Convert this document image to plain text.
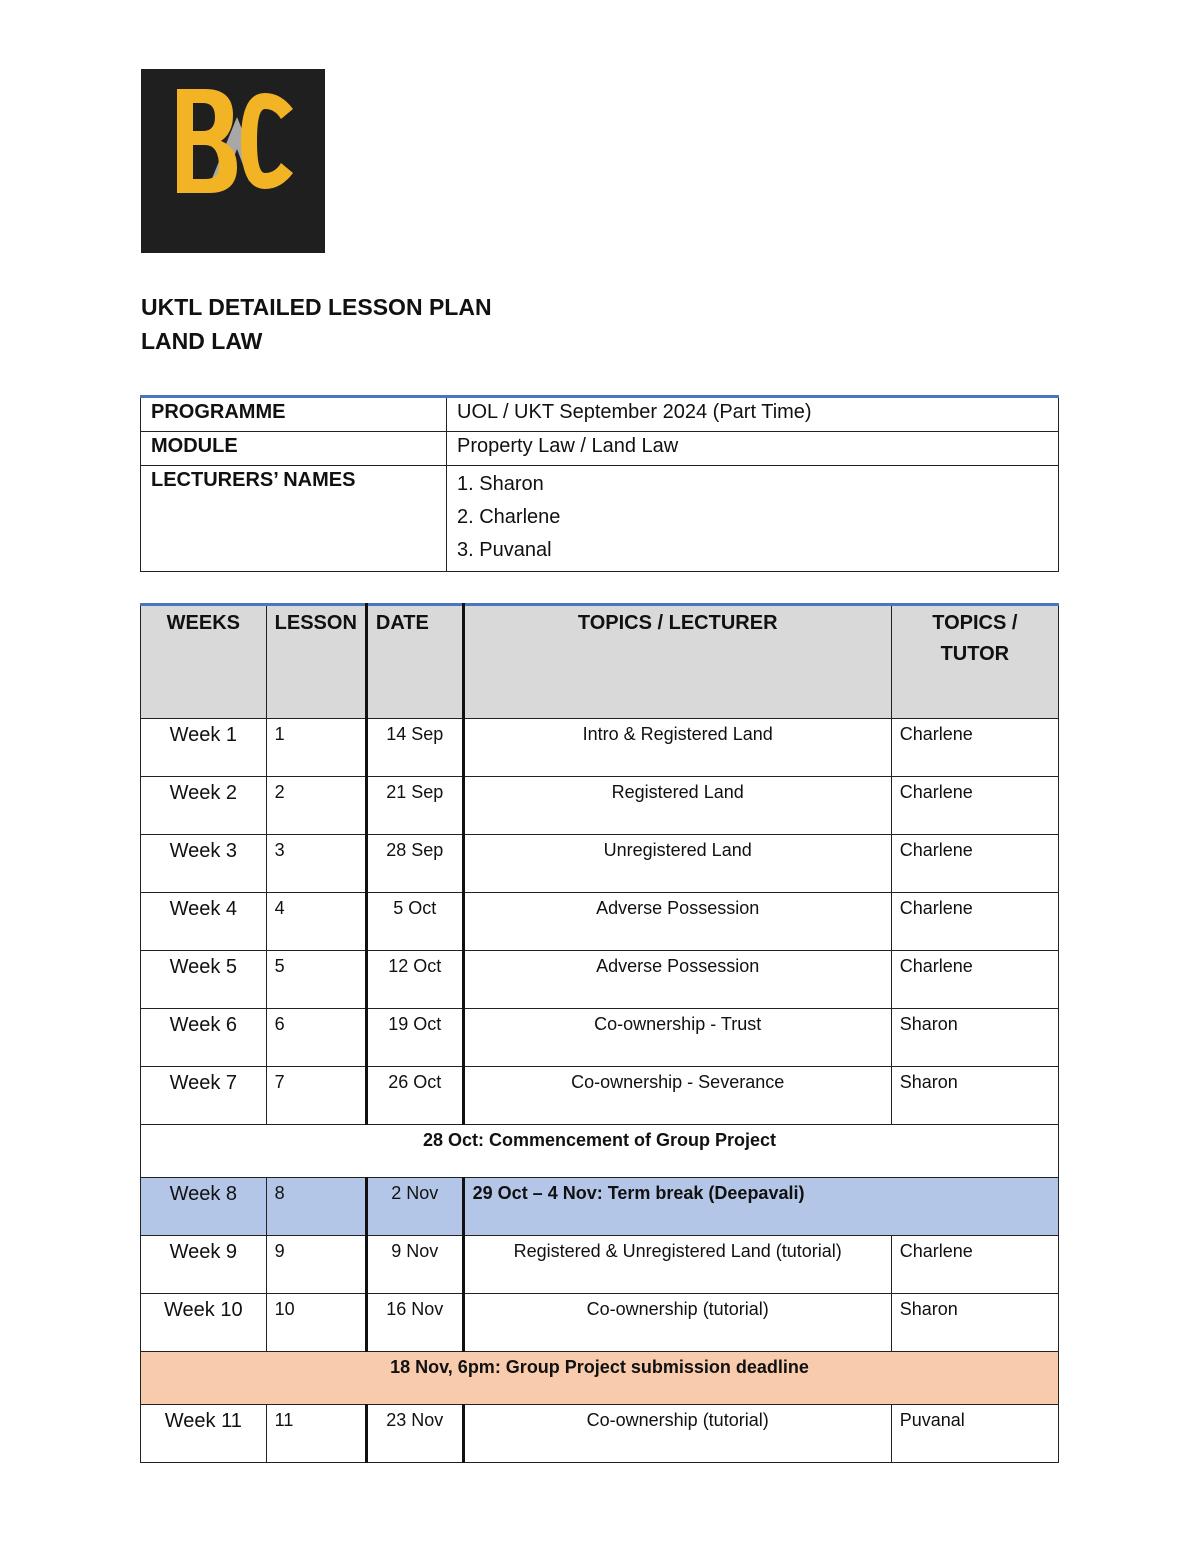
education
UKTL DETAILED LESSON PLAN
LAND LAW
PROGRAMME	UOL / UKT September 2024 (Part Time)
MODULE	Property Law / Land Law
LECTURERS’ NAMES	1. Sharon
2. Charlene
3. Puvanal
WEEKS	LESSON	DATE	TOPICS / LECTURER	TOPICS /
TUTOR

Week 1	1	14 Sep	Intro & Registered Land	Charlene
Week 2	2	21 Sep	Registered Land	Charlene
Week 3	3	28 Sep	Unregistered Land	Charlene
Week 4	4	5 Oct	Adverse Possession	Charlene
Week 5	5	12 Oct	Adverse Possession	Charlene
Week 6	6	19 Oct	Co-ownership - Trust	Sharon
Week 7	7	26 Oct	Co-ownership - Severance	Sharon
28 Oct: Commencement of Group Project				
Week 8	8	2 Nov	29 Oct – 4 Nov: Term break (Deepavali)	
Week 9	9	9 Nov	Registered & Unregistered Land (tutorial)	Charlene
Week 10	10	16 Nov	Co-ownership (tutorial)	Sharon
18 Nov, 6pm: Group Project submission deadline				
Week 11	11	23 Nov	Co-ownership (tutorial)	Puvanal
